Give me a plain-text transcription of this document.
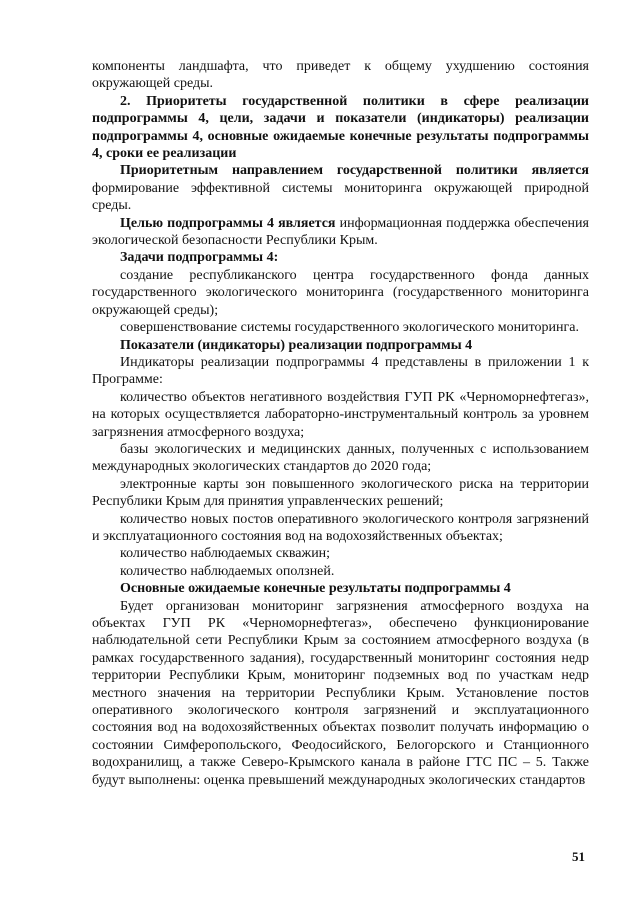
компоненты ландшафта, что приведет к общему ухудшению состояния окружающей среды.

2. Приоритеты государственной политики в сфере реализации подпрограммы 4, цели, задачи и показатели (индикаторы) реализации подпрограммы 4, основные ожидаемые конечные результаты подпрограммы 4, сроки ее реализации

Приоритетным направлением государственной политики является формирование эффективной системы мониторинга окружающей природной среды.

Целью подпрограммы 4 является информационная поддержка обеспечения экологической безопасности Республики Крым.

Задачи подпрограммы 4:

создание республиканского центра государственного фонда данных государственного экологического мониторинга (государственного мониторинга окружающей среды);

совершенствование системы государственного экологического мониторинга.

Показатели (индикаторы) реализации подпрограммы 4

Индикаторы реализации подпрограммы 4 представлены в приложении 1 к Программе:

количество объектов негативного воздействия ГУП РК «Черноморнефтегаз», на которых осуществляется лабораторно-инструментальный контроль за уровнем загрязнения атмосферного воздуха;

базы экологических и медицинских данных, полученных с использованием международных экологических стандартов до 2020 года;

электронные карты зон повышенного экологического риска на территории Республики Крым для принятия управленческих решений;

количество новых постов оперативного экологического контроля загрязнений и эксплуатационного состояния вод на водохозяйственных объектах;

количество наблюдаемых скважин;

количество наблюдаемых оползней.

Основные ожидаемые конечные результаты подпрограммы 4

Будет организован мониторинг загрязнения атмосферного воздуха на объектах ГУП РК «Черноморнефтегаз», обеспечено функционирование наблюдательной сети Республики Крым за состоянием атмосферного воздуха (в рамках государственного задания), государственный мониторинг состояния недр территории Республики Крым, мониторинг подземных вод по участкам недр местного значения на территории Республики Крым. Установление постов оперативного экологического контроля загрязнений и эксплуатационного состояния вод на водохозяйственных объектах позволит получать информацию о состоянии Симферопольского, Феодосийского, Белогорского и Станционного водохранилищ, а также Северо-Крымского канала в районе ГТС ПС – 5. Также будут выполнены: оценка превышений международных экологических стандартов

51
